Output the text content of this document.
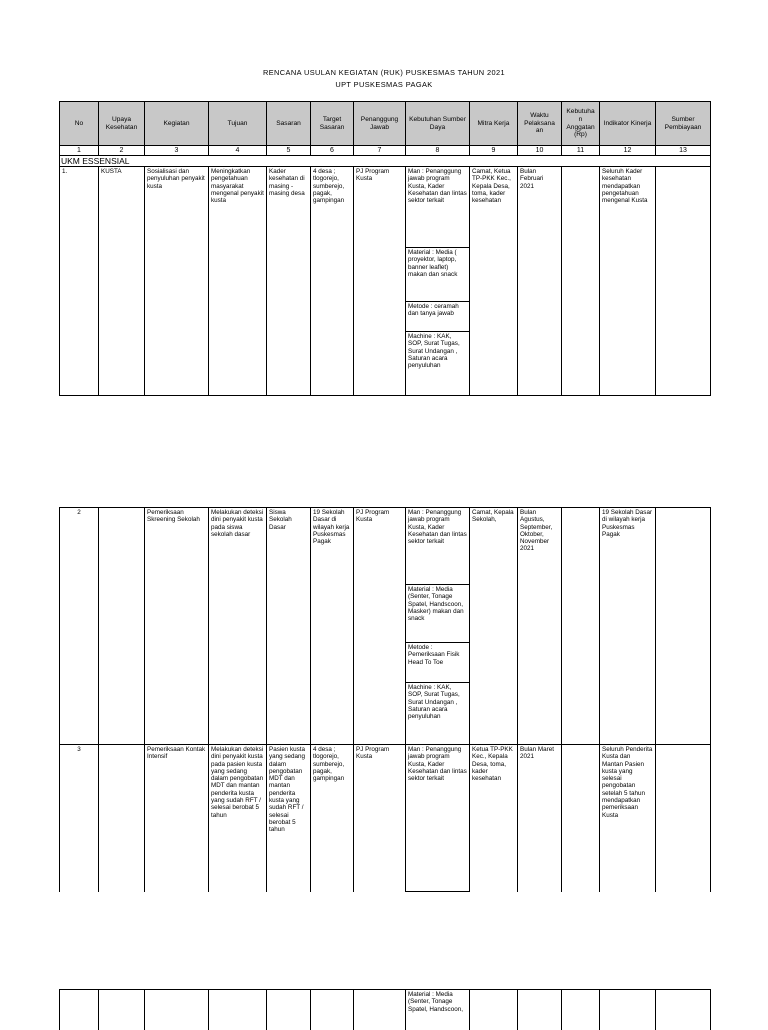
RENCANA USULAN KEGIATAN (RUK) PUSKESMAS TAHUN 2021
UPT PUSKESMAS PAGAK
No	Upaya Kesehatan	Kegiatan	Tujuan	Sasaran	Target Sasaran	Penanggung Jawab	Kebutuhan Sumber Daya	Mitra Kerja	Waktu Pelaksana an	Kebutuha n Anggatan (Rp)	Indikator Kinerja	Sumber Pembiayaan
1	2	3	4	5	6	7	8	9	10	11	12	13
UKM ESSENSIAL												
1.	KUSTA	Sosialisasi dan penyuluhan penyakit kusta	Meningkatkan pengetahuan masyarakat mengenal penyakit kusta	Kader kesehatan di masing - masing desa	4 desa ; tlogorejo, sumberejo, pagak, gampingan	PJ Program Kusta	Man : Penanggung jawab program Kusta, Kader Kesehatan dan lintas sektor terkait
Material : Media ( proyektor, laptop, banner leaflet) makan dan snack
Metode : ceramah dan tanya jawab
Machine : KAK, SOP, Surat Tugas, Surat Undangan , Saturan acara penyuluhan	Camat, Ketua TP-PKK Kec., Kepala Desa, toma, kader kesehatan	Bulan Februari 2021		Seluruh Kader kesehatan mendapatkan pengetahuan mengenal Kusta	
2		Pemeriksaan Skreening Sekolah	Melakukan deteksi dini penyakit kusta pada siswa sekolah dasar	Siswa Sekolah Dasar	19 Sekolah Dasar di wilayah kerja Puskesmas Pagak	PJ Program Kusta	Man : Penanggung jawab program Kusta, Kader Kesehatan dan lintas sektor terkait
Material : Media (Senter, Tonage Spatel, Handscoon, Masker) makan dan snack
Metode : Pemeriksaan Fisik Head To Toe
Machine : KAK, SOP, Surat Tugas, Surat Undangan , Saturan acara penyuluhan	Camat, Kepala Sekolah,	Bulan Agustus, September, Oktober, November 2021		19 Sekolah Dasar di wilayah kerja Puskesmas Pagak	
3		Pemeriksaan Kontak Intensif	Melakukan deteksi dini penyakit kusta pada pasien kusta yang sedang dalam pengobatan MDT dan mantan penderita kusta yang sudah RFT / selesai berobat 5 tahun	Pasien kusta yang sedang dalam pengobatan MDT dan mantan penderita kusta yang sudah RFT / selesai berobat 5 tahun	4 desa ; tlogorejo, sumberejo, pagak, gampingan	PJ Program Kusta	Man : Penanggung jawab program Kusta, Kader Kesehatan dan lintas sektor terkait	Ketua TP-PKK Kec., Kepala Desa, toma, kader kesehatan	Bulan Maret 2021		Seluruh Penderita Kusta dan Mantan Pasien kusta yang selesai pengobatan setelah 5 tahun mendapatkan pemeriksaan Kusta	
							Material : Media (Senter, Tonage Spatel, Handscoon,					
